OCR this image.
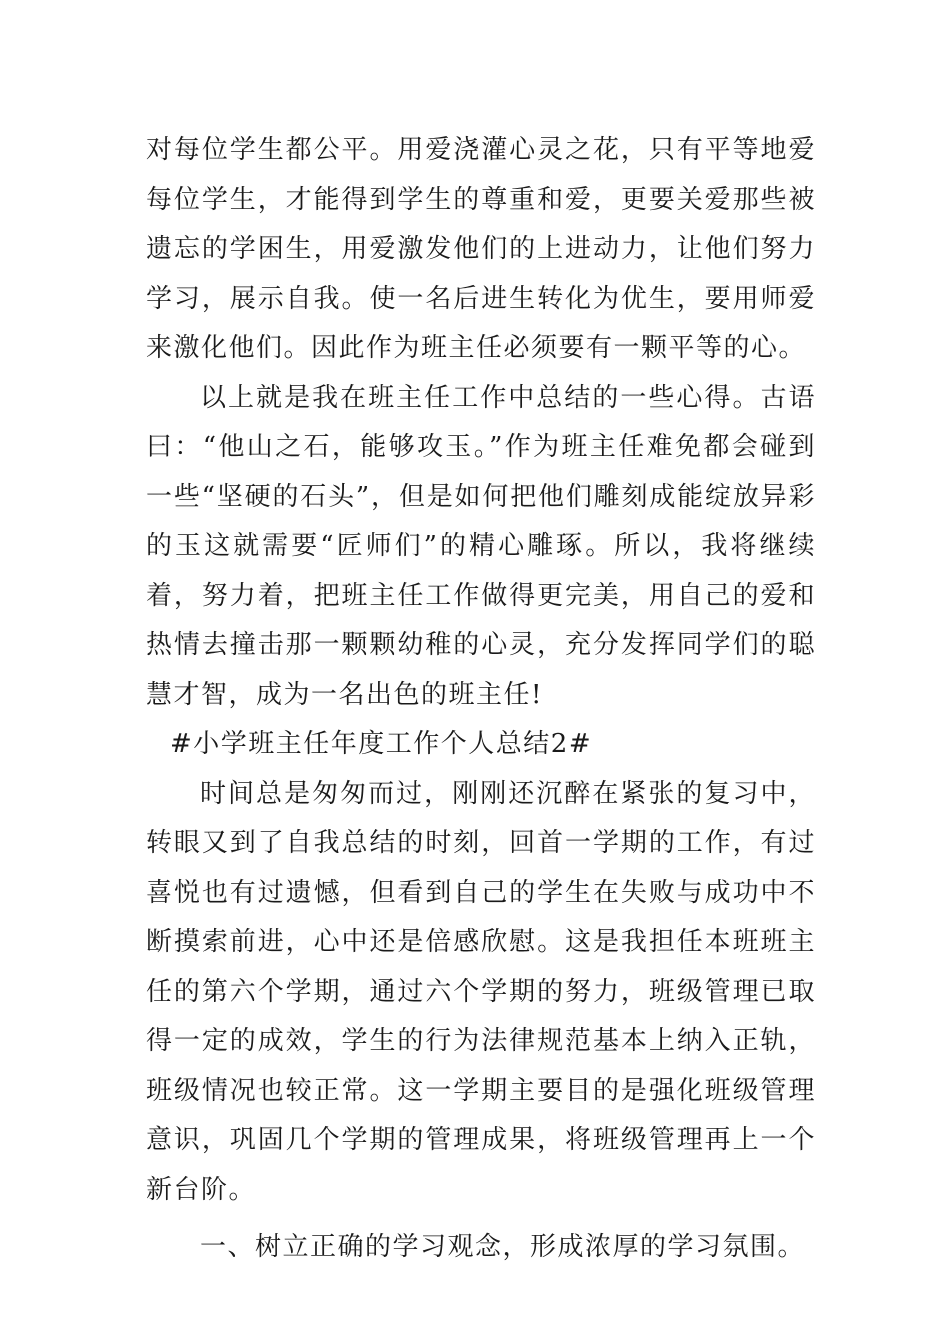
对每位学生都公平。用爱浇灌心灵之花，只有平等地爱每位学生，才能得到学生的尊重和爱，更要关爱那些被遗忘的学困生，用爱激发他们的上进动力，让他们努力学习，展示自我。使一名后进生转化为优生，要用师爱来激化他们。因此作为班主任必须要有一颗平等的心。

以上就是我在班主任工作中总结的一些心得。古语曰：“他山之石，能够攻玉。”作为班主任难免都会碰到一些“坚硬的石头”，但是如何把他们雕刻成能绽放异彩的玉这就需要“匠师们”的精心雕琢。所以，我将继续着，努力着，把班主任工作做得更完美，用自己的爱和热情去撞击那一颗颗幼稚的心灵，充分发挥同学们的聪慧才智，成为一名出色的班主任!

#小学班主任年度工作个人总结2#

时间总是匆匆而过，刚刚还沉醉在紧张的复习中，转眼又到了自我总结的时刻，回首一学期的工作，有过喜悦也有过遗憾，但看到自己的学生在失败与成功中不断摸索前进，心中还是倍感欣慰。这是我担任本班班主任的第六个学期，通过六个学期的努力，班级管理已取得一定的成效，学生的行为法律规范基本上纳入正轨，班级情况也较正常。这一学期主要目的是强化班级管理意识，巩固几个学期的管理成果，将班级管理再上一个新台阶。

一、树立正确的学习观念，形成浓厚的学习氛围。
